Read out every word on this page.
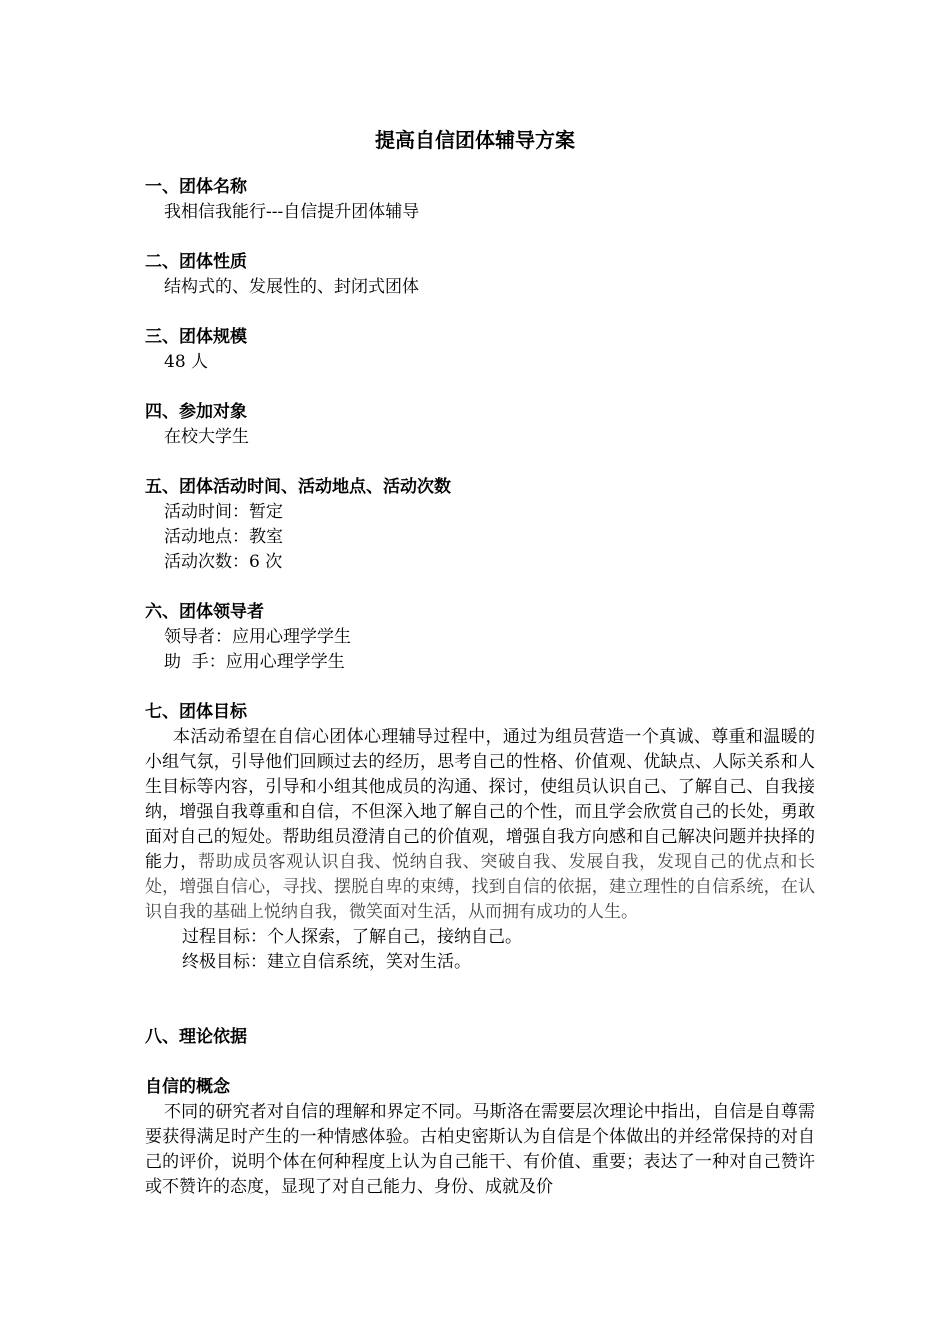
提高自信团体辅导方案

一、团体名称

我相信我能行---自信提升团体辅导

二、团体性质

结构式的、发展性的、封闭式团体

三、团体规模

48 人

四、参加对象

在校大学生

五、团体活动时间、活动地点、活动次数

活动时间：暂定

活动地点：教室

活动次数：6 次

六、团体领导者

领导者：应用心理学学生

助  手：应用心理学学生

七、团体目标

本活动希望在自信心团体心理辅导过程中，通过为组员营造一个真诚、尊重和温暖的小组气氛，引导他们回顾过去的经历，思考自己的性格、价值观、优缺点、人际关系和人生目标等内容，引导和小组其他成员的沟通、探讨，使组员认识自己、了解自己、自我接纳，增强自我尊重和自信，不但深入地了解自己的个性，而且学会欣赏自己的长处，勇敢面对自己的短处。帮助组员澄清自己的价值观，增强自我方向感和自己解决问题并抉择的能力，帮助成员客观认识自我、悦纳自我、突破自我、发展自我，发现自己的优点和长处，增强自信心，寻找、摆脱自卑的束缚，找到自信的依据，建立理性的自信系统，在认识自我的基础上悦纳自我，微笑面对生活，从而拥有成功的人生。

过程目标：个人探索，了解自己，接纳自己。

终极目标：建立自信系统，笑对生活。

八、理论依据

自信的概念

不同的研究者对自信的理解和界定不同。马斯洛在需要层次理论中指出，自信是自尊需要获得满足时产生的一种情感体验。古柏史密斯认为自信是个体做出的并经常保持的对自己的评价，说明个体在何种程度上认为自己能干、有价值、重要；表达了一种对自己赞许或不赞许的态度，显现了对自己能力、身份、成就及价
